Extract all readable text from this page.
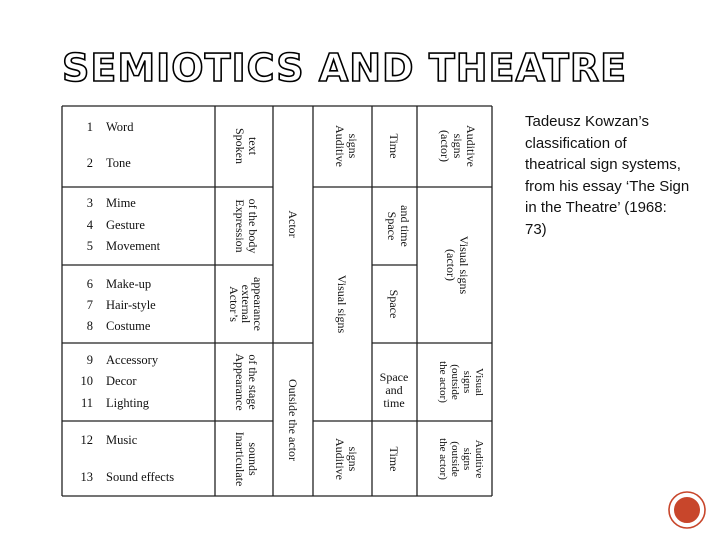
SEMIOTICS AND THEATRE
1 Word
2 Tone
3 Mime
4 Gesture
5 Movement
6 Make-up
7 Hair-style
8 Costume
9 Accessory
10 Decor
11 Lighting
12 Music
13 Sound effects
Spoken text
Expression of the body
Actor’s
external
appearance
Appearance of the stage
Inarticulate sounds
Actor
Outside the actor
Auditive signs
Visual signs
Auditive signs
Time
Space and time
Space
Space
and
time
Time
Auditive
signs
(actor)
Visual signs
(actor)
Visual
signs
(outside
the actor)
Auditive
signs
(outside
the actor)
Tadeusz Kowzan’s classification of theatrical sign systems, from his essay ‘The Sign in the Theatre’ (1968: 73)
